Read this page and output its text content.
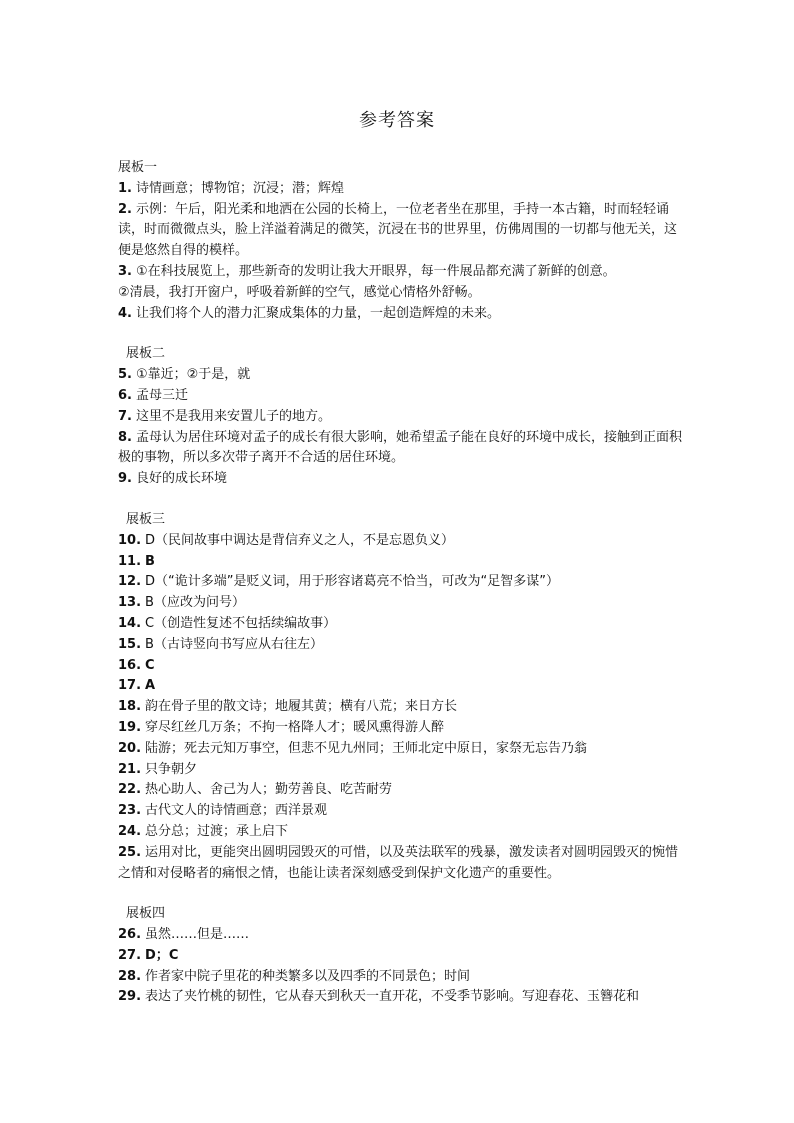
参考答案
展板一
1. 诗情画意；博物馆；沉浸；潜；辉煌
2. 示例：午后，阳光柔和地洒在公园的长椅上，一位老者坐在那里，手持一本古籍，时而轻轻诵读，时而微微点头，脸上洋溢着满足的微笑，沉浸在书的世界里，仿佛周围的一切都与他无关，这便是悠然自得的模样。
3. ①在科技展览上，那些新奇的发明让我大开眼界，每一件展品都充满了新鲜的创意。
②清晨，我打开窗户，呼吸着新鲜的空气，感觉心情格外舒畅。
4. 让我们将个人的潜力汇聚成集体的力量，一起创造辉煌的未来。
展板二
5. ①靠近；②于是，就
6. 孟母三迁
7. 这里不是我用来安置儿子的地方。
8. 孟母认为居住环境对孟子的成长有很大影响，她希望孟子能在良好的环境中成长，接触到正面积极的事物，所以多次带子离开不合适的居住环境。
9. 良好的成长环境
展板三
10. D（民间故事中调达是背信弃义之人，不是忘恩负义）
11. B
12. D（“诡计多端”是贬义词，用于形容诸葛亮不恰当，可改为“足智多谋”）
13. B（应改为问号）
14. C（创造性复述不包括续编故事）
15. B（古诗竖向书写应从右往左）
16. C
17. A
18. 韵在骨子里的散文诗；地履其黄；横有八荒；来日方长
19. 穿尽红丝几万条；不拘一格降人才；暖风熏得游人醉
20. 陆游；死去元知万事空，但悲不见九州同；王师北定中原日，家祭无忘告乃翁
21. 只争朝夕
22. 热心助人、舍己为人；勤劳善良、吃苦耐劳
23. 古代文人的诗情画意；西洋景观
24. 总分总；过渡；承上启下
25. 运用对比，更能突出圆明园毁灭的可惜，以及英法联军的残暴，激发读者对圆明园毁灭的惋惜之情和对侵略者的痛恨之情，也能让读者深刻感受到保护文化遗产的重要性。
展板四
26. 虽然……但是……
27. D；C
28. 作者家中院子里花的种类繁多以及四季的不同景色；时间
29. 表达了夹竹桃的韧性，它从春天到秋天一直开花，不受季节影响。写迎春花、玉簪花和
